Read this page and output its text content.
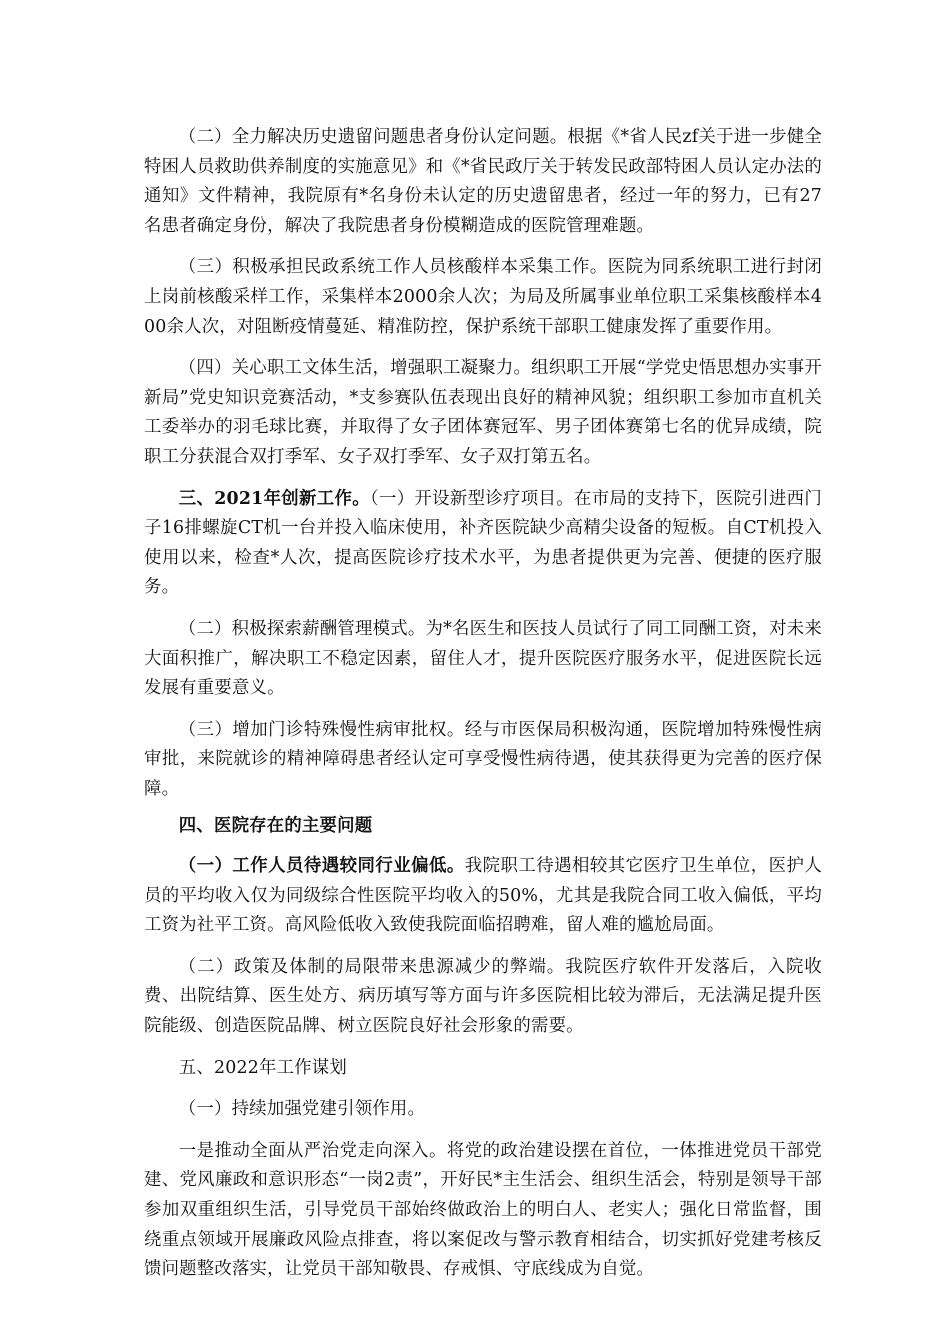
（二）全力解决历史遗留问题患者身份认定问题。根据《*省人民zf关于进一步健全特困人员救助供养制度的实施意见》和《*省民政厅关于转发民政部特困人员认定办法的通知》文件精神，我院原有*名身份未认定的历史遗留患者，经过一年的努力，已有27名患者确定身份，解决了我院患者身份模糊造成的医院管理难题。

（三）积极承担民政系统工作人员核酸样本采集工作。医院为同系统职工进行封闭上岗前核酸采样工作，采集样本2000余人次；为局及所属事业单位职工采集核酸样本400余人次，对阻断疫情蔓延、精准防控，保护系统干部职工健康发挥了重要作用。

（四）关心职工文体生活，增强职工凝聚力。组织职工开展“学党史悟思想办实事开新局”党史知识竞赛活动，*支参赛队伍表现出良好的精神风貌；组织职工参加市直机关工委举办的羽毛球比赛，并取得了女子团体赛冠军、男子团体赛第七名的优异成绩，院职工分获混合双打季军、女子双打季军、女子双打第五名。

三、2021年创新工作。（一）开设新型诊疗项目。在市局的支持下，医院引进西门子16排螺旋CT机一台并投入临床使用，补齐医院缺少高精尖设备的短板。自CT机投入使用以来，检查*人次，提高医院诊疗技术水平，为患者提供更为完善、便捷的医疗服务。

（二）积极探索薪酬管理模式。为*名医生和医技人员试行了同工同酬工资，对未来大面积推广，解决职工不稳定因素，留住人才，提升医院医疗服务水平，促进医院长远发展有重要意义。

（三）增加门诊特殊慢性病审批权。经与市医保局积极沟通，医院增加特殊慢性病审批，来院就诊的精神障碍患者经认定可享受慢性病待遇，使其获得更为完善的医疗保障。

四、医院存在的主要问题

（一）工作人员待遇较同行业偏低。我院职工待遇相较其它医疗卫生单位，医护人员的平均收入仅为同级综合性医院平均收入的50%，尤其是我院合同工收入偏低，平均工资为社平工资。高风险低收入致使我院面临招聘难，留人难的尴尬局面。

（二）政策及体制的局限带来患源减少的弊端。我院医疗软件开发落后，入院收费、出院结算、医生处方、病历填写等方面与许多医院相比较为滞后，无法满足提升医院能级、创造医院品牌、树立医院良好社会形象的需要。

五、2022年工作谋划

（一）持续加强党建引领作用。

一是推动全面从严治党走向深入。将党的政治建设摆在首位，一体推进党员干部党建、党风廉政和意识形态“一岗2责”，开好民*主生活会、组织生活会，特别是领导干部参加双重组织生活，引导党员干部始终做政治上的明白人、老实人；强化日常监督，围绕重点领域开展廉政风险点排查，将以案促改与警示教育相结合，切实抓好党建考核反馈问题整改落实，让党员干部知敬畏、存戒惧、守底线成为自觉。
